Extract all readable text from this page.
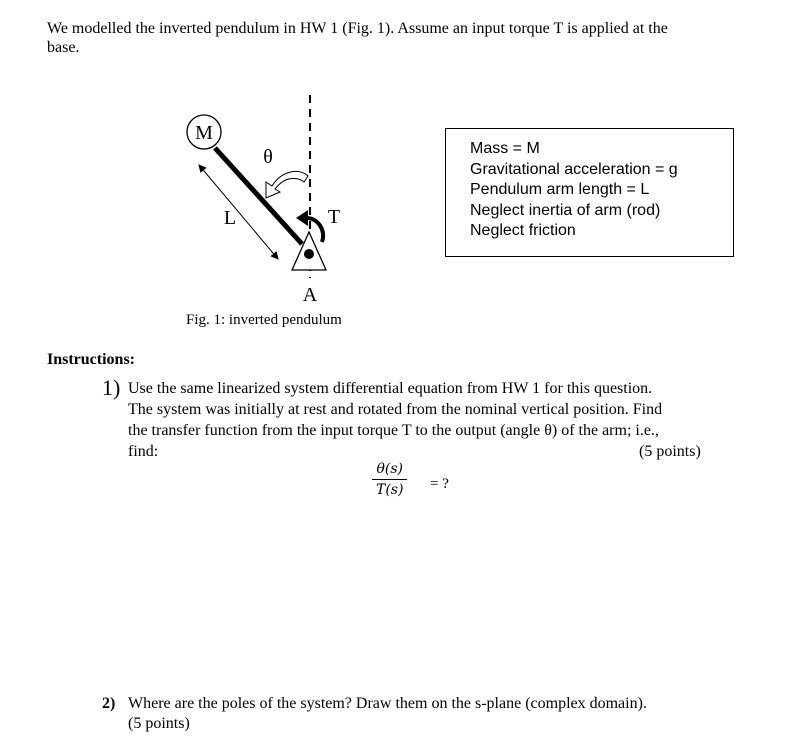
We modelled the inverted pendulum in HW 1 (Fig. 1). Assume an input torque T is applied at the
base.
M
L
θ
T
A
Fig. 1: inverted pendulum
Mass = M
Gravitational acceleration = g
Pendulum arm length = L
Neglect inertia of arm (rod)
Neglect friction
Instructions:
1) Use the same linearized system differential equation from HW 1 for this question.
The system was initially at rest and rotated from the nominal vertical position. Find
the transfer function from the input torque T to the output (angle θ) of the arm; i.e.,
find:	(5 points)
θ(s)
T(s) = ?
2) Where are the poles of the system? Draw them on the s-plane (complex domain).
(5 points)
